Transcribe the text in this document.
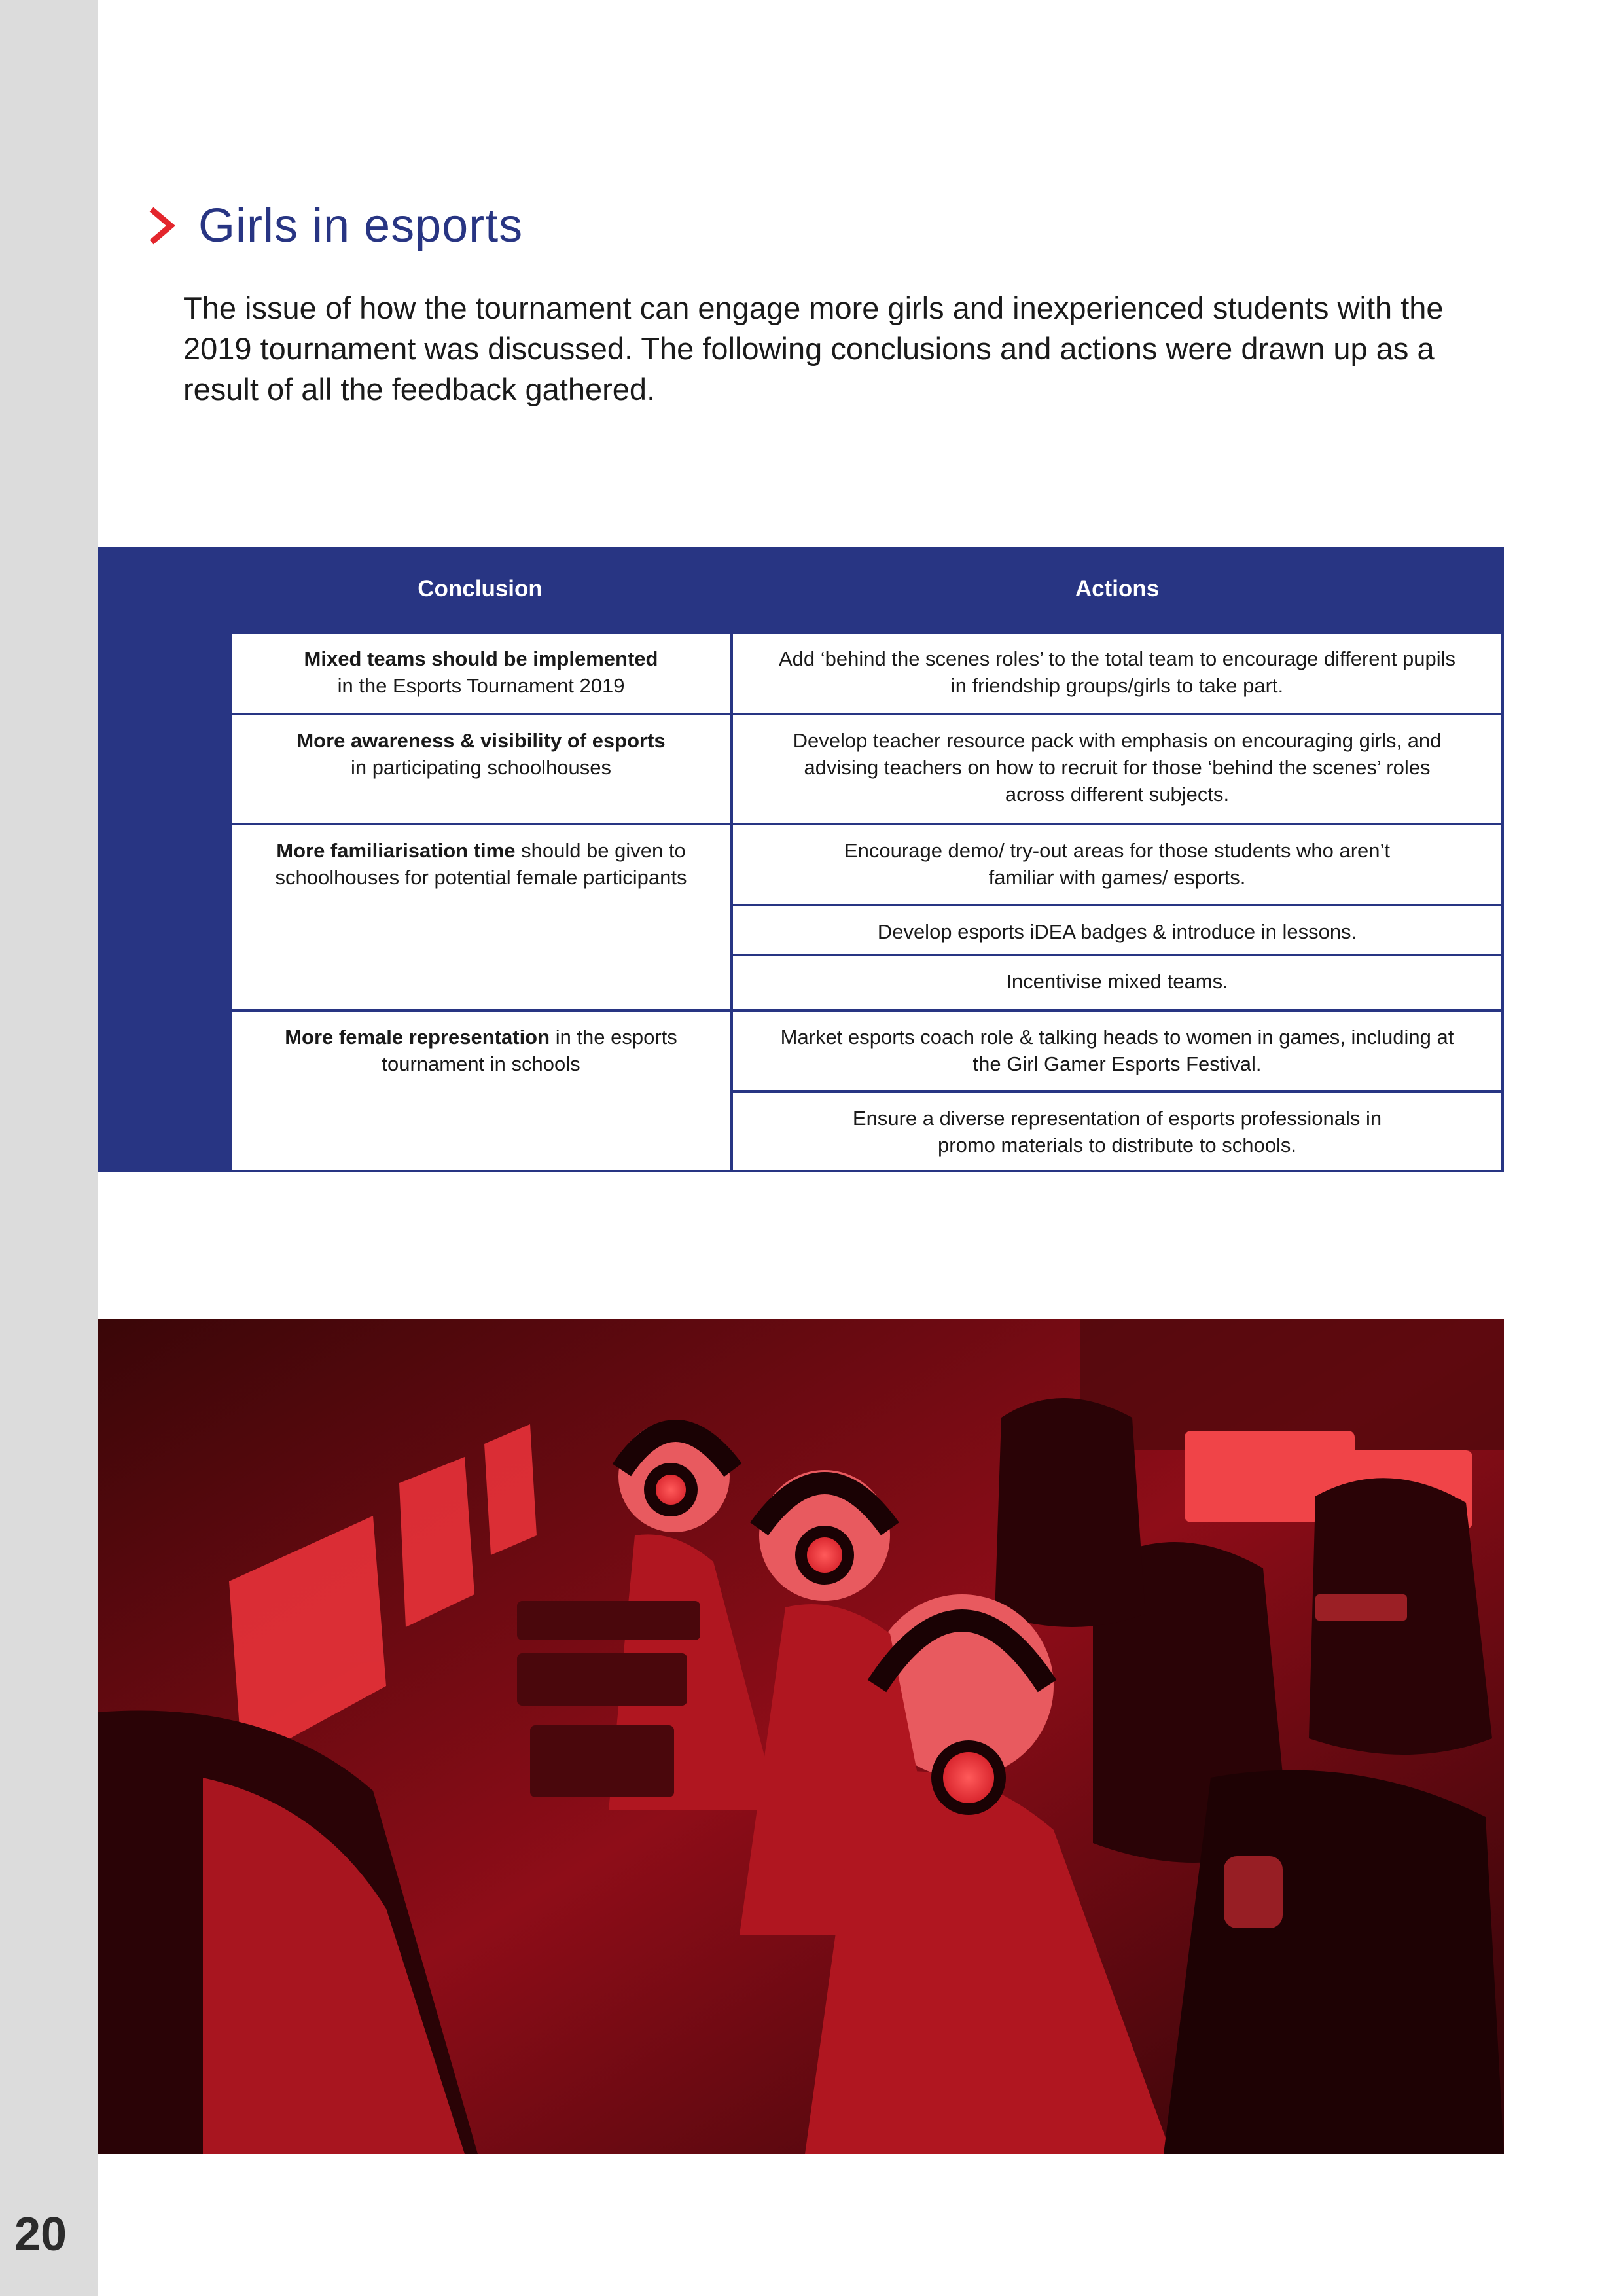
20
Girls in esports

The issue of how the tournament can engage more girls and inexperienced students with the 2019 tournament was discussed. The following conclusions and actions were drawn up as a result of all the feedback gathered.

Conclusion	Actions
Mixed teams should be implemented
in the Esports Tournament 2019
Add ‘behind the scenes roles’ to the total team to encourage different pupils in friendship groups/girls to take part.
More awareness & visibility of esports
in participating schoolhouses
Develop teacher resource pack with emphasis on encouraging girls, and advising teachers on how to recruit for those ‘behind the scenes’ roles across different subjects.
More familiarisation time should be given to schoolhouses for potential female participants
Encourage demo/ try-out areas for those students who aren’t familiar with games/ esports.
Develop esports iDEA badges & introduce in lessons.
Incentivise mixed teams.
More female representation in the esports tournament in schools
Market esports coach role & talking heads to women in games, including at the Girl Gamer Esports Festival.
Ensure a diverse representation of esports professionals in promo materials to distribute to schools.
